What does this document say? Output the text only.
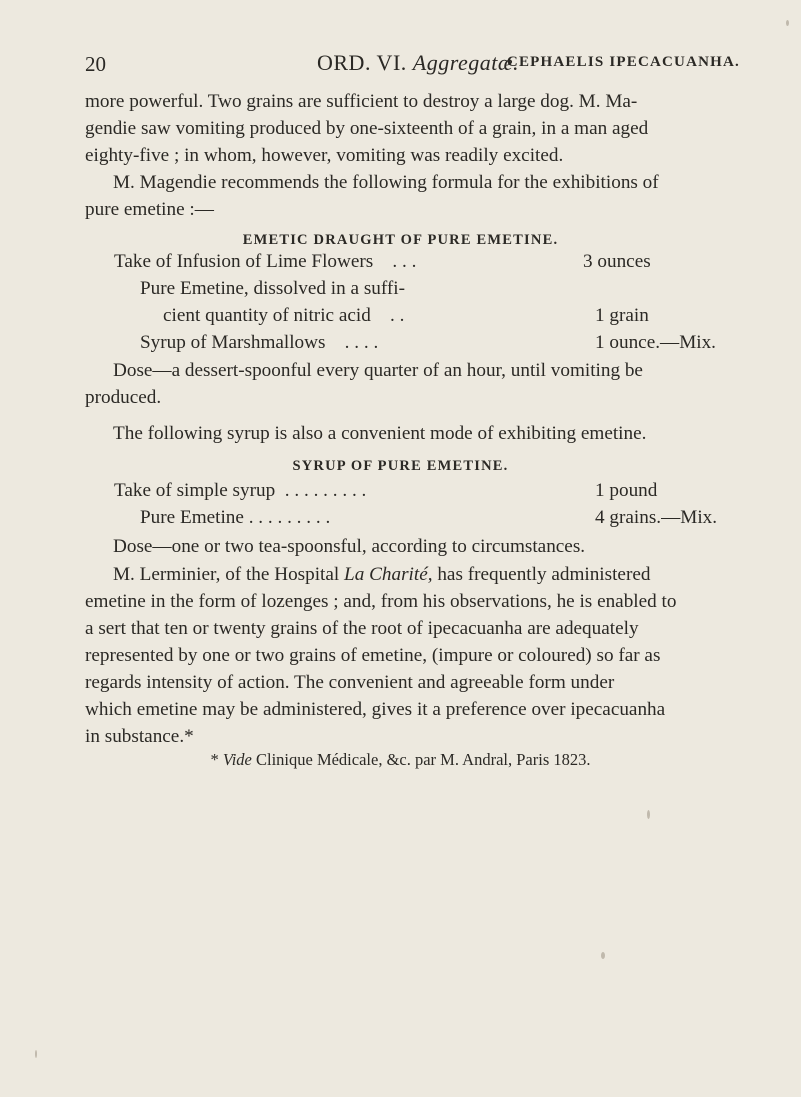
20	ORD. VI. Aggregatæ.
CEPHAELIS IPECACUANHA.
more powerful. Two grains are sufficient to destroy a large dog. M. Ma-
gendie saw vomiting produced by one-sixteenth of a grain, in a man aged
eighty-five ; in whom, however, vomiting was readily excited.
M. Magendie recommends the following formula for the exhibitions of
pure emetine :—
EMETIC DRAUGHT OF PURE EMETINE.
Take of Infusion of Lime Flowers . . .	3 ounces
Pure Emetine, dissolved in a suffi-
cient quantity of nitric acid . .	1 grain
Syrup of Marshmallows . . . .	1 ounce.—Mix.
Dose—a dessert-spoonful every quarter of an hour, until vomiting be
produced.
The following syrup is also a convenient mode of exhibiting emetine.
SYRUP OF PURE EMETINE.
Take of simple syrup . . . . . . . . .	1 pound
Pure Emetine . . . . . . . . .	4 grains.—Mix.
Dose—one or two tea-spoonsful, according to circumstances.
M. Lerminier, of the Hospital La Charité, has frequently administered
emetine in the form of lozenges ; and, from his observations, he is enabled to
a sert that ten or twenty grains of the root of ipecacuanha are adequately
represented by one or two grains of emetine, (impure or coloured) so far as
regards intensity of action. The convenient and agreeable form under
which emetine may be administered, gives it a preference over ipecacuanha
in substance.*
* Vide Clinique Médicale, &c. par M. Andral, Paris 1823.
